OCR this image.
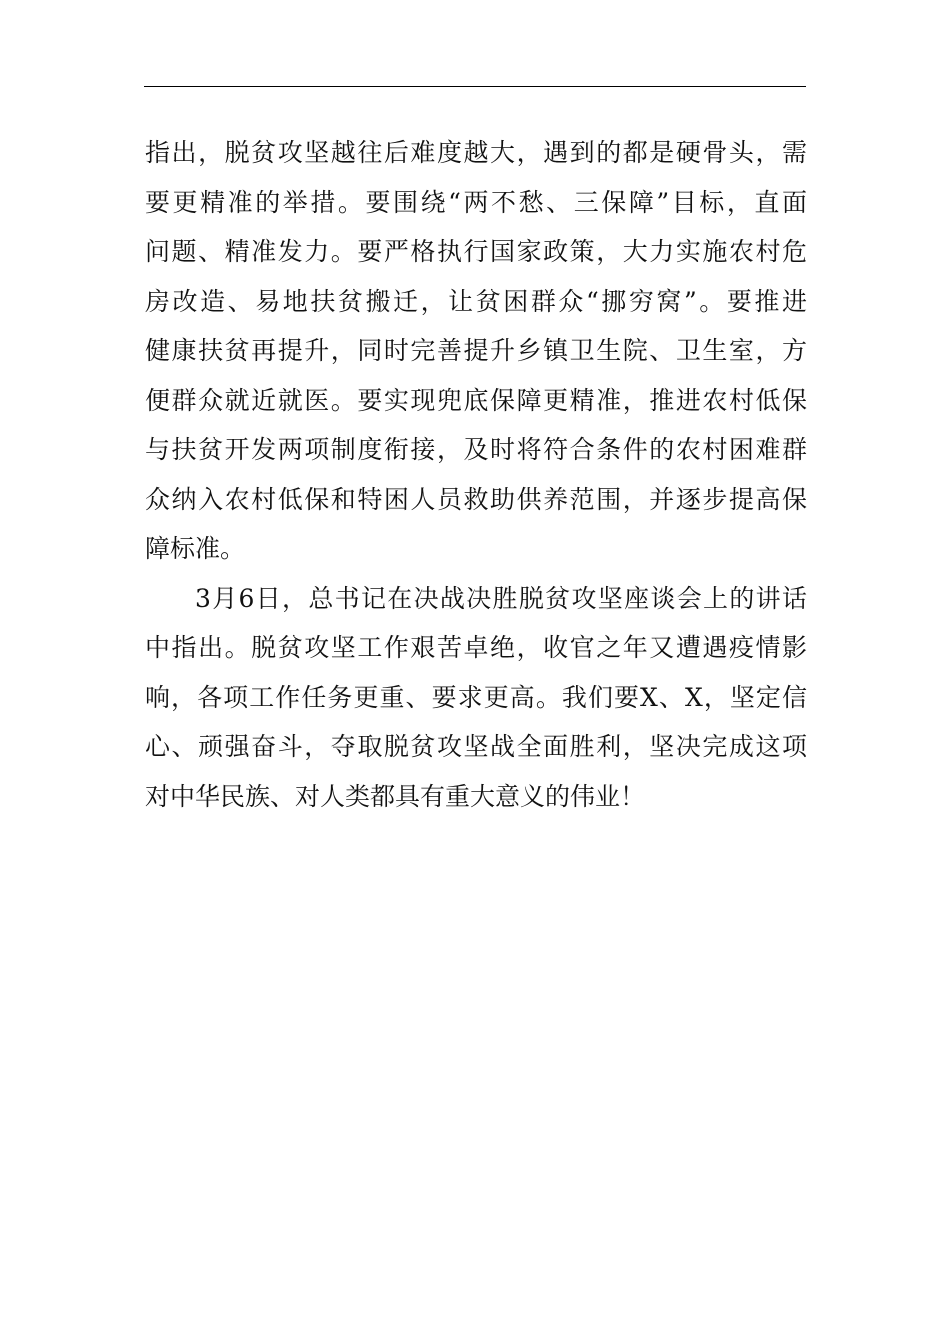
指出，脱贫攻坚越往后难度越大，遇到的都是硬骨头，需
要更精准的举措。要围绕“两不愁、三保障”目标，直面
问题、精准发力。要严格执行国家政策，大力实施农村危
房改造、易地扶贫搬迁，让贫困群众“挪穷窝”。要推进
健康扶贫再提升，同时完善提升乡镇卫生院、卫生室，方
便群众就近就医。要实现兜底保障更精准，推进农村低保
与扶贫开发两项制度衔接，及时将符合条件的农村困难群
众纳入农村低保和特困人员救助供养范围，并逐步提高保
障标准。
3月6日，总书记在决战决胜脱贫攻坚座谈会上的讲话
中指出。脱贫攻坚工作艰苦卓绝，收官之年又遭遇疫情影
响，各项工作任务更重、要求更高。我们要X、X，坚定信
心、顽强奋斗，夺取脱贫攻坚战全面胜利，坚决完成这项
对中华民族、对人类都具有重大意义的伟业！
